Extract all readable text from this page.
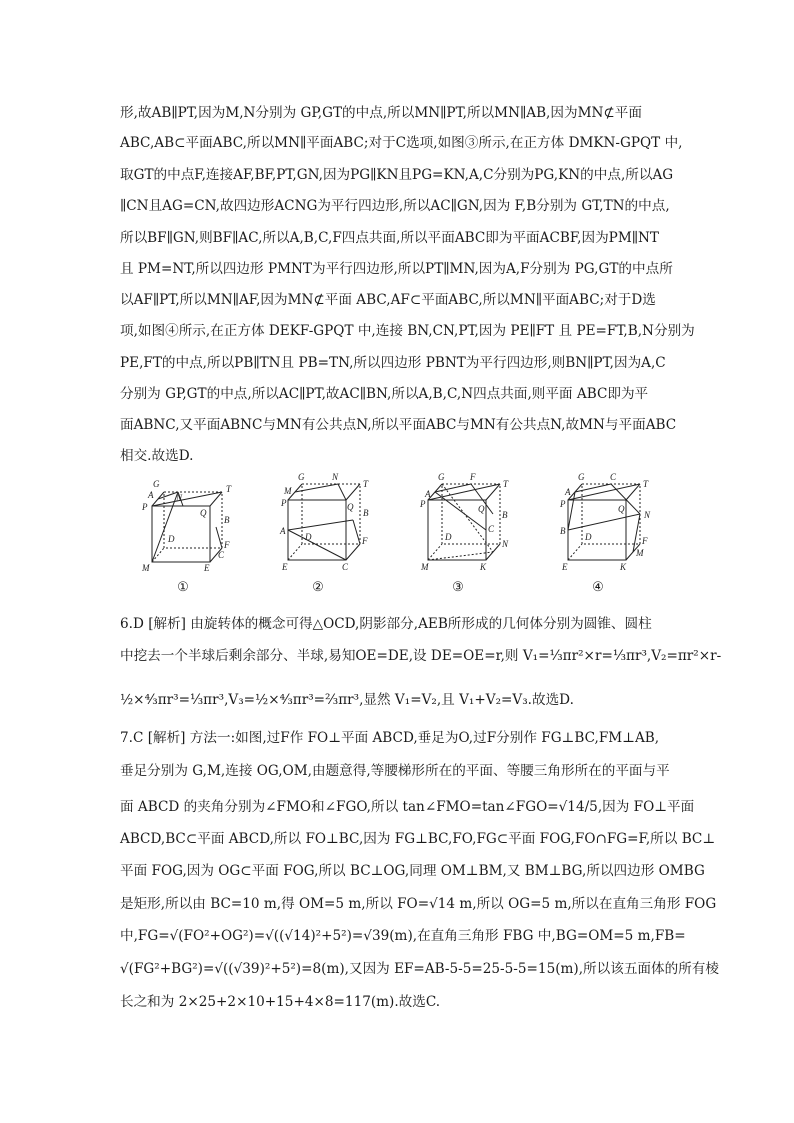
形,故AB∥PT,因为M,N分别为 GP,GT的中点,所以MN∥PT,所以MN∥AB,因为MN⊄平面
ABC,AB⊂平面ABC,所以MN∥平面ABC;对于C选项,如图③所示,在正方体 DMKN-GPQT 中,
取GT的中点F,连接AF,BF,PT,GN,因为PG∥KN且PG=KN,A,C分别为PG,KN的中点,所以AG
∥CN且AG=CN,故四边形ACNG为平行四边形,所以AC∥GN,因为 F,B分别为 GT,TN的中点,
所以BF∥GN,则BF∥AC,所以A,B,C,F四点共面,所以平面ABC即为平面ACBF,因为PM∥NT
且 PM=NT,所以四边形 PMNT为平行四边形,所以PT∥MN,因为A,F分别为 PG,GT的中点所
以AF∥PT,所以MN∥AF,因为MN⊄平面 ABC,AF⊂平面ABC,所以MN∥平面ABC;对于D选
项,如图④所示,在正方体 DEKF-GPQT 中,连接 BN,CN,PT,因为 PE∥FT 且 PE=FT,B,N分别为
PE,FT的中点,所以PB∥TN且 PB=TN,所以四边形 PBNT为平行四边形,则BN∥PT,因为A,C
分别为 GP,GT的中点,所以AC∥PT,故AC∥BN,所以A,B,C,N四点共面,则平面 ABC即为平
面ABNC,又平面ABNC与MN有公共点N,所以平面ABC与MN有公共点N,故MN与平面ABC
相交.故选D.
G
A	N
T
P
Q
B
D
C
M	E
F
①
G	N
M
T
P	Q
B
A
D	F
E	C
②
G	F
T
A
P	Q
B
D
C
N
M	K
③
G	C
T
A
P	Q
N
B
D	F
M
E	K
④
6.D [解析] 由旋转体的概念可得△OCD,阴影部分,AEB所形成的几何体分别为圆锥、圆柱
中挖去一个半球后剩余部分、半球,易知OE=DE,设 DE=OE=r,则 V₁=⅓πr²×r=⅓πr³,V₂=πr²×r-
½×⁴⁄₃πr³=⅓πr³,V₃=½×⁴⁄₃πr³=⅔πr³,显然 V₁=V₂,且 V₁+V₂=V₃.故选D.
7.C [解析] 方法一:如图,过F作 FO⊥平面 ABCD,垂足为O,过F分别作 FG⊥BC,FM⊥AB,
垂足分别为 G,M,连接 OG,OM,由题意得,等腰梯形所在的平面、等腰三角形所在的平面与平
面 ABCD 的夹角分别为∠FMO和∠FGO,所以 tan∠FMO=tan∠FGO=√14/5,因为 FO⊥平面
ABCD,BC⊂平面 ABCD,所以 FO⊥BC,因为 FG⊥BC,FO,FG⊂平面 FOG,FO∩FG=F,所以 BC⊥
平面 FOG,因为 OG⊂平面 FOG,所以 BC⊥OG,同理 OM⊥BM,又 BM⊥BG,所以四边形 OMBG
是矩形,所以由 BC=10 m,得 OM=5 m,所以 FO=√14 m,所以 OG=5 m,所以在直角三角形 FOG
中,FG=√(FO²+OG²)=√((√14)²+5²)=√39(m),在直角三角形 FBG 中,BG=OM=5 m,FB=
√(FG²+BG²)=√((√39)²+5²)=8(m),又因为 EF=AB-5-5=25-5-5=15(m),所以该五面体的所有棱
长之和为 2×25+2×10+15+4×8=117(m).故选C.
